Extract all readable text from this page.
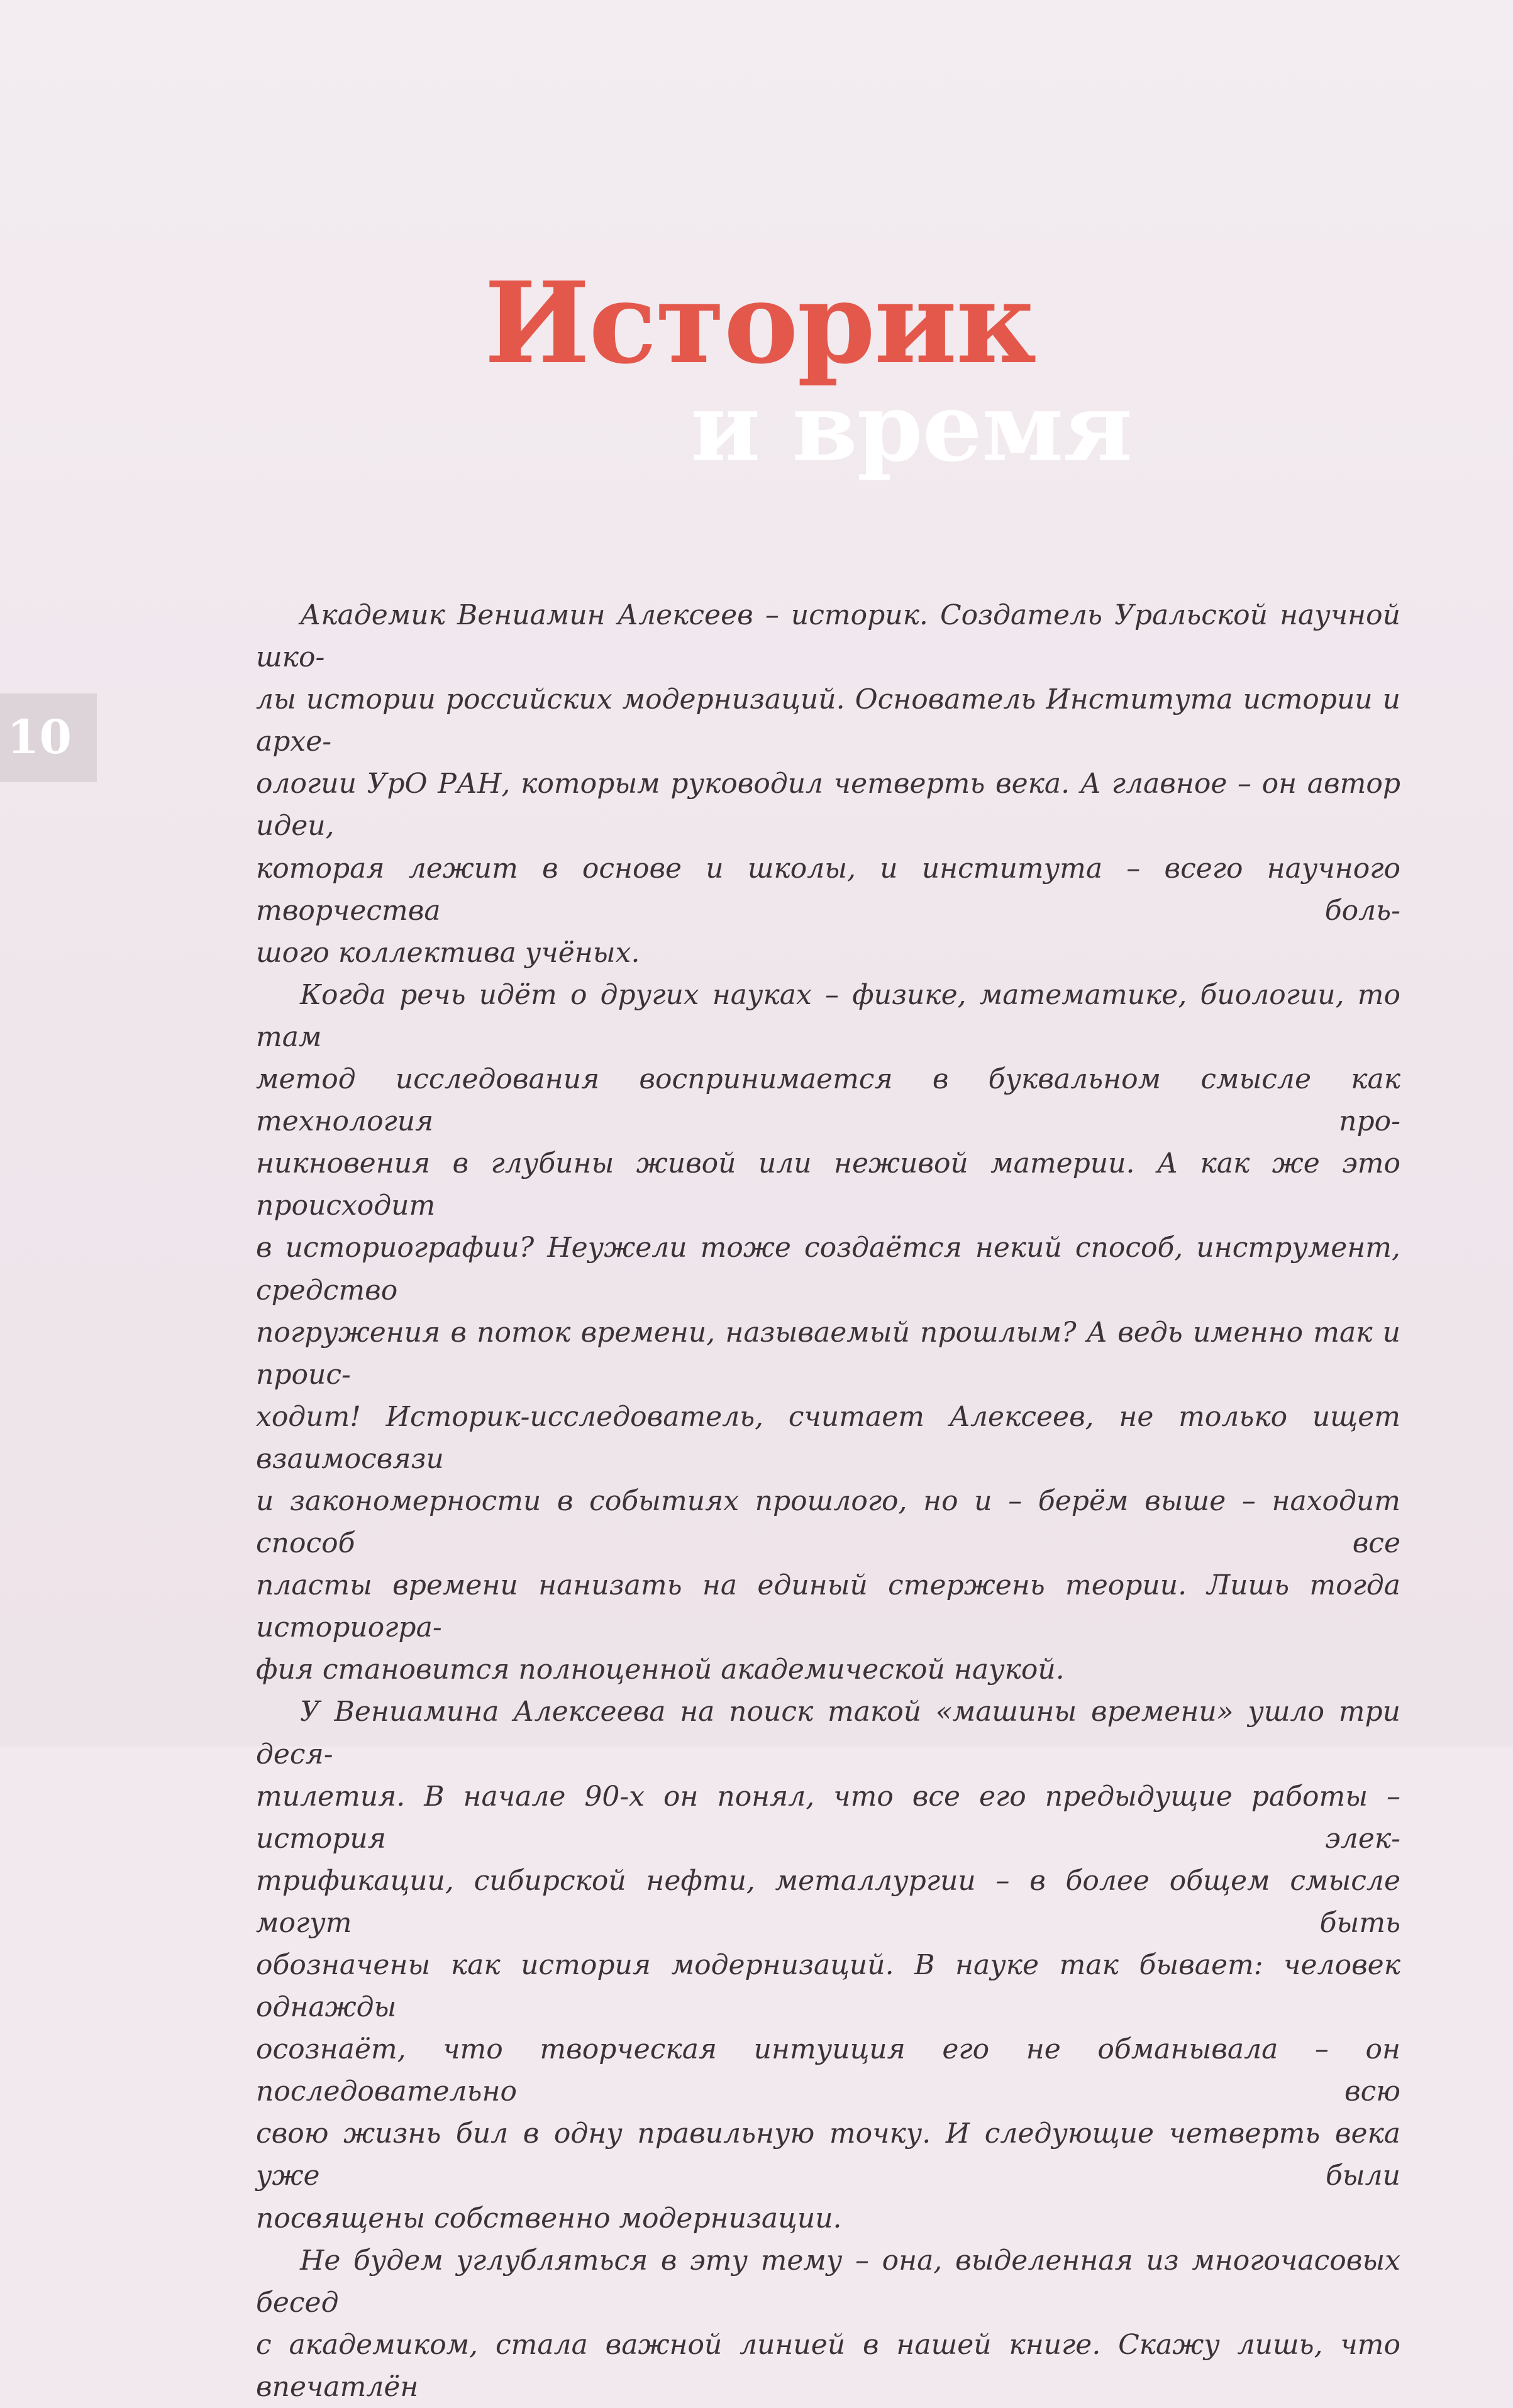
Историк
и время
10

Академик Вениамин Алексеев – историк. Создатель Уральской научной шко-
лы истории российских модернизаций. Основатель Института истории и архе-
ологии УрО РАН, которым руководил четверть века. А главное – он автор идеи,
которая лежит в основе и школы, и института – всего научного творчества боль-
шого коллектива учёных.

Когда речь идёт о других науках – физике, математике, биологии, то там
метод исследования воспринимается в буквальном смысле как технология про-
никновения в глубины живой или неживой материи. А как же это происходит
в историографии? Неужели тоже создаётся некий способ, инструмент, средство
погружения в поток времени, называемый прошлым? А ведь именно так и проис-
ходит! Историк-исследователь, считает Алексеев, не только ищет взаимосвязи
и закономерности в событиях прошлого, но и – берём выше – находит способ все
пласты времени нанизать на единый стержень теории. Лишь тогда историогра-
фия становится полноценной академической наукой.

У Вениамина Алексеева на поиск такой «машины времени» ушло три деся-
тилетия. В начале 90-х он понял, что все его предыдущие работы – история элек-
трификации, сибирской нефти, металлургии – в более общем смысле могут быть
обозначены как история модернизаций. В науке так бывает: человек однажды
осознаёт, что творческая интуиция его не обманывала – он последовательно всю
свою жизнь бил в одну правильную точку. И следующие четверть века уже были
посвящены собственно модернизации.

Не будем углубляться в эту тему – она, выделенная из многочасовых бесед
с академиком, стала важной линией в нашей книге. Скажу лишь, что впечатлён
